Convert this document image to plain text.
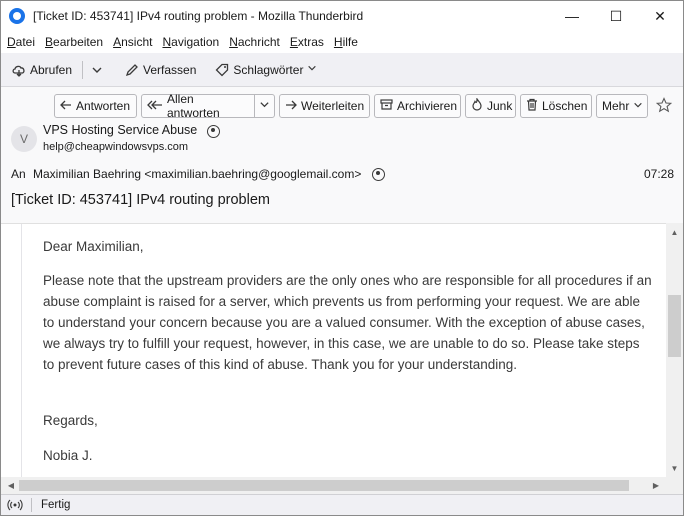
[Ticket ID: 453741] IPv4 routing problem - Mozilla Thunderbird	—	☐	✕
Datei Bearbeiten Ansicht Navigation Nachricht Extras Hilfe
Abrufen	Verfassen	Schlagwörter
Antworten	Allen antworten	Weiterleiten	Archivieren Junk Löschen Mehr
V
VPS Hosting Service Abuse
help@cheapwindowsvps.com
An Maximilian Baehring <maximilian.baehring@googlemail.com>	07:28
[Ticket ID: 453741] IPv4 routing problem
Dear Maximilian,
Please note that the upstream providers are the only ones who are responsible for all procedures if an abuse complaint is raised for a server, which prevents us from performing your request. We are able to understand your concern because you are a valued consumer. With the exception of abuse cases, we always try to fulfill your request, however, in this case, we are unable to do so. Please take steps to prevent future cases of this kind of abuse. Thank you for your understanding.
Regards,
Nobia J.
▲
▼
◀	▶
Fertig
